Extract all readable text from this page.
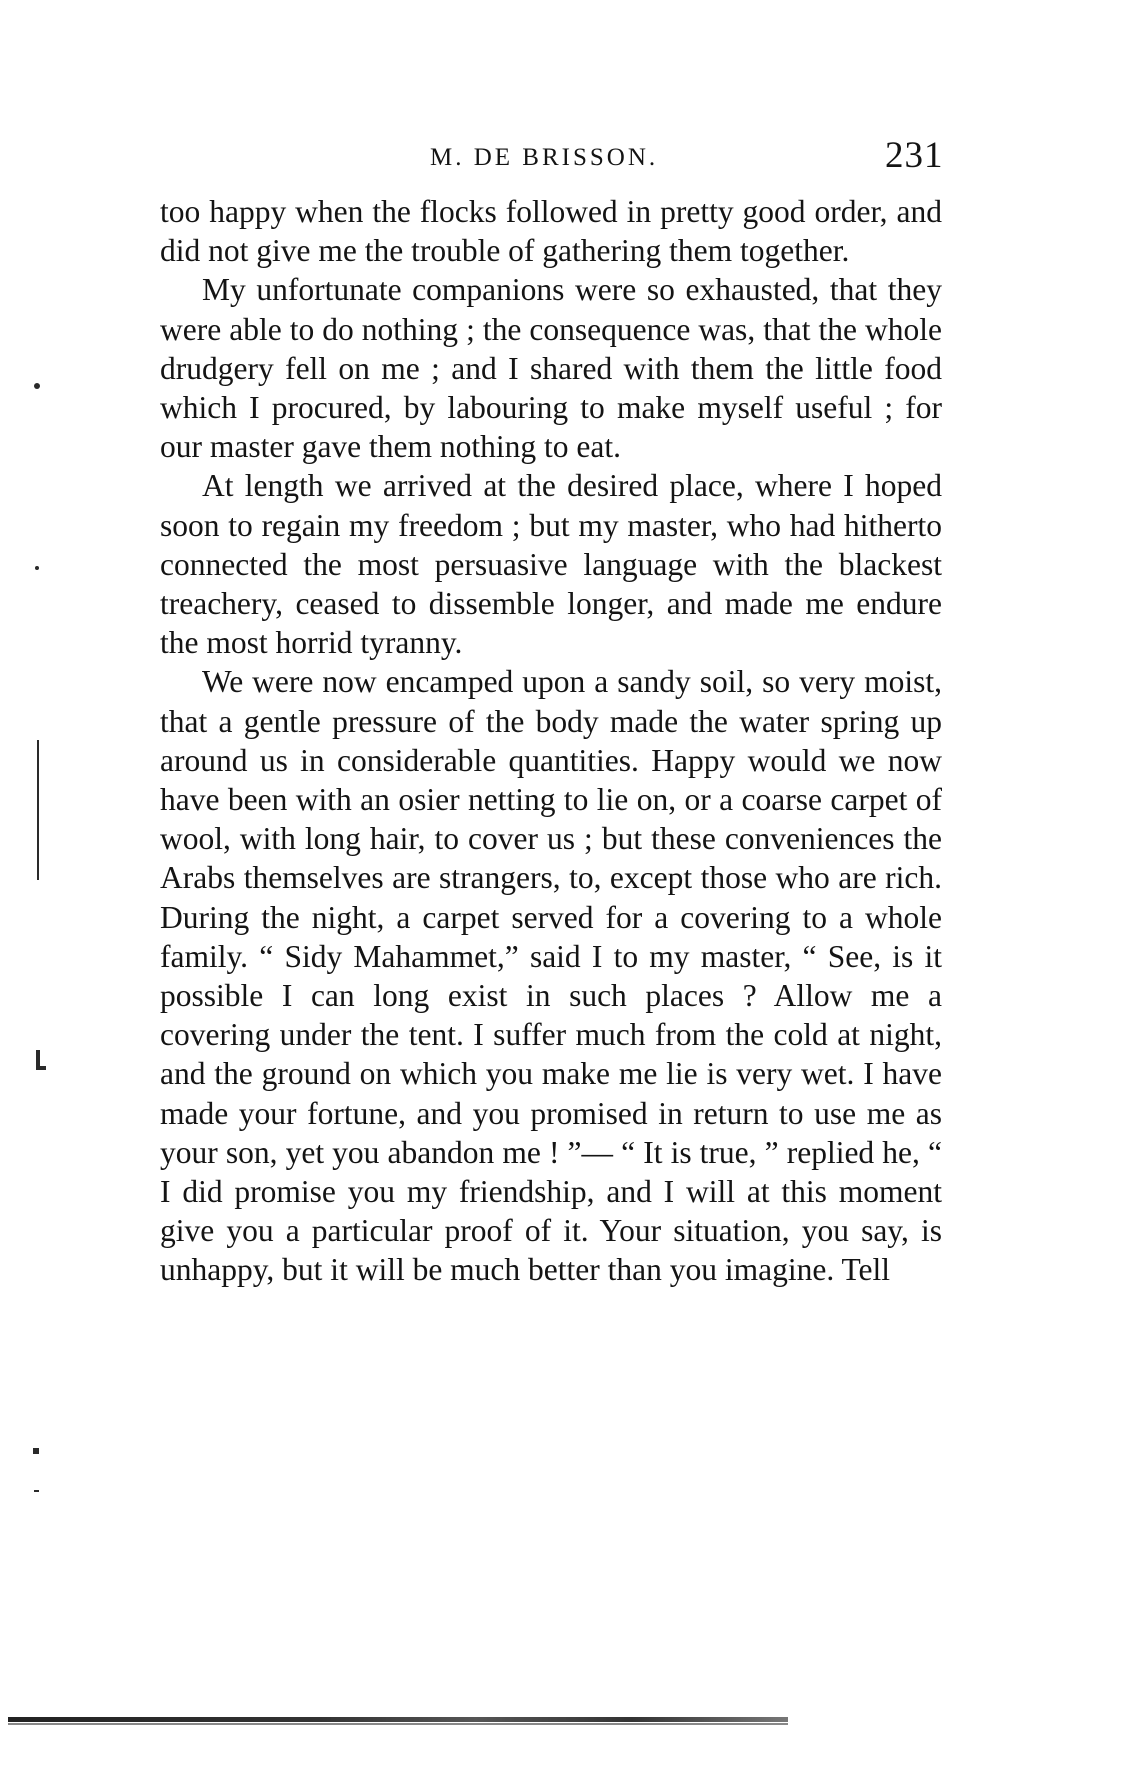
M. DE BRISSON.	231

too happy when the flocks followed in pretty good order, and did not give me the trouble of gathering them together.

My unfortunate companions were so exhausted, that they were able to do nothing ; the consequence was, that the whole drudgery fell on me ; and I shared with them the little food which I procured, by labouring to make myself useful ; for our master gave them nothing to eat.

At length we arrived at the desired place, where I hoped soon to regain my freedom ; but my master, who had hitherto connected the most persuasive language with the blackest treachery, ceased to dissemble longer, and made me endure the most horrid tyranny.

We were now encamped upon a sandy soil, so very moist, that a gentle pressure of the body made the water spring up around us in considerable quantities. Happy would we now have been with an osier netting to lie on, or a coarse carpet of wool, with long hair, to cover us ; but these conveniences the Arabs themselves are strangers, to, except those who are rich. During the night, a carpet served for a covering to a whole family. “ Sidy Mahammet,” said I to my master, “ See, is it possible I can long exist in such places ? Allow me a covering under the tent. I suffer much from the cold at night, and the ground on which you make me lie is very wet. I have made your fortune, and you promised in return to use me as your son, yet you abandon me ! ”— “ It is true, ” replied he, “ I did promise you my friendship, and I will at this moment give you a particular proof of it. Your situation, you say, is unhappy, but it will be much better than you imagine. Tell
